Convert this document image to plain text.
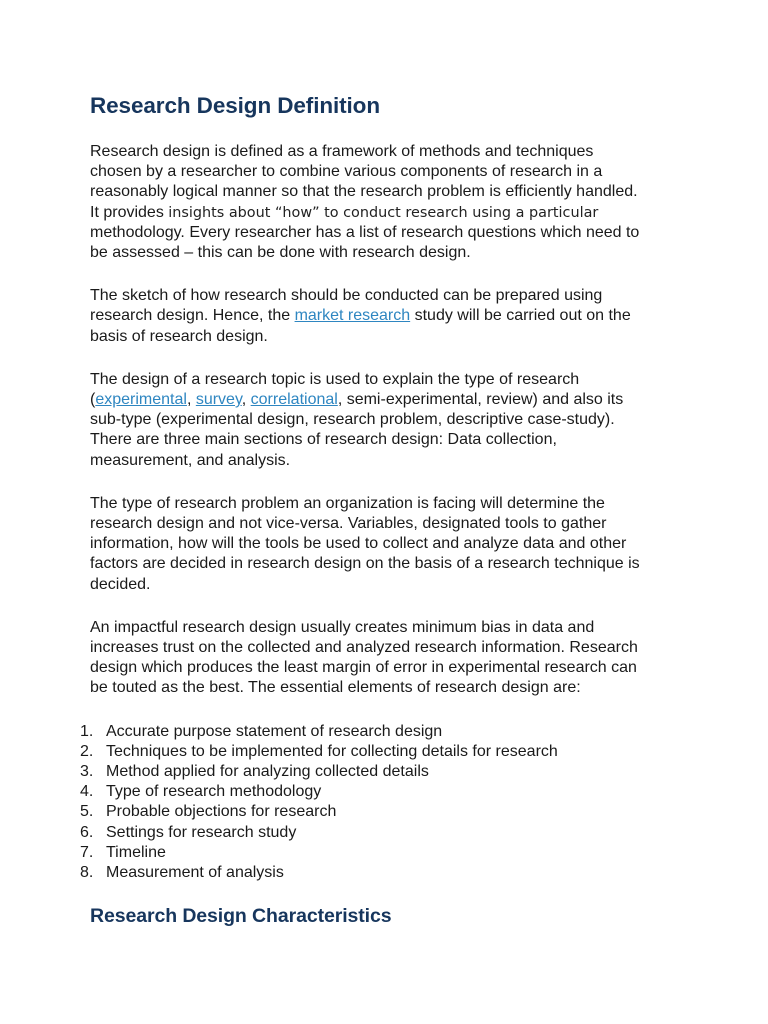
Research Design Definition

Research design is defined as a framework of methods and techniques
chosen by a researcher to combine various components of research in a
reasonably logical manner so that the research problem is efficiently handled.
It provides insights about “how” to conduct research using a particular
methodology. Every researcher has a list of research questions which need to
be assessed – this can be done with research design.

The sketch of how research should be conducted can be prepared using
research design. Hence, the market research study will be carried out on the
basis of research design.

The design of a research topic is used to explain the type of research
(experimental, survey, correlational, semi-experimental, review) and also its
sub-type (experimental design, research problem, descriptive case-study).
There are three main sections of research design: Data collection,
measurement, and analysis.

The type of research problem an organization is facing will determine the
research design and not vice-versa. Variables, designated tools to gather
information, how will the tools be used to collect and analyze data and other
factors are decided in research design on the basis of a research technique is
decided.

An impactful research design usually creates minimum bias in data and
increases trust on the collected and analyzed research information. Research
design which produces the least margin of error in experimental research can
be touted as the best. The essential elements of research design are:

1. Accurate purpose statement of research design
2. Techniques to be implemented for collecting details for research
3. Method applied for analyzing collected details
4. Type of research methodology
5. Probable objections for research
6. Settings for research study
7. Timeline
8. Measurement of analysis
Research Design Characteristics
